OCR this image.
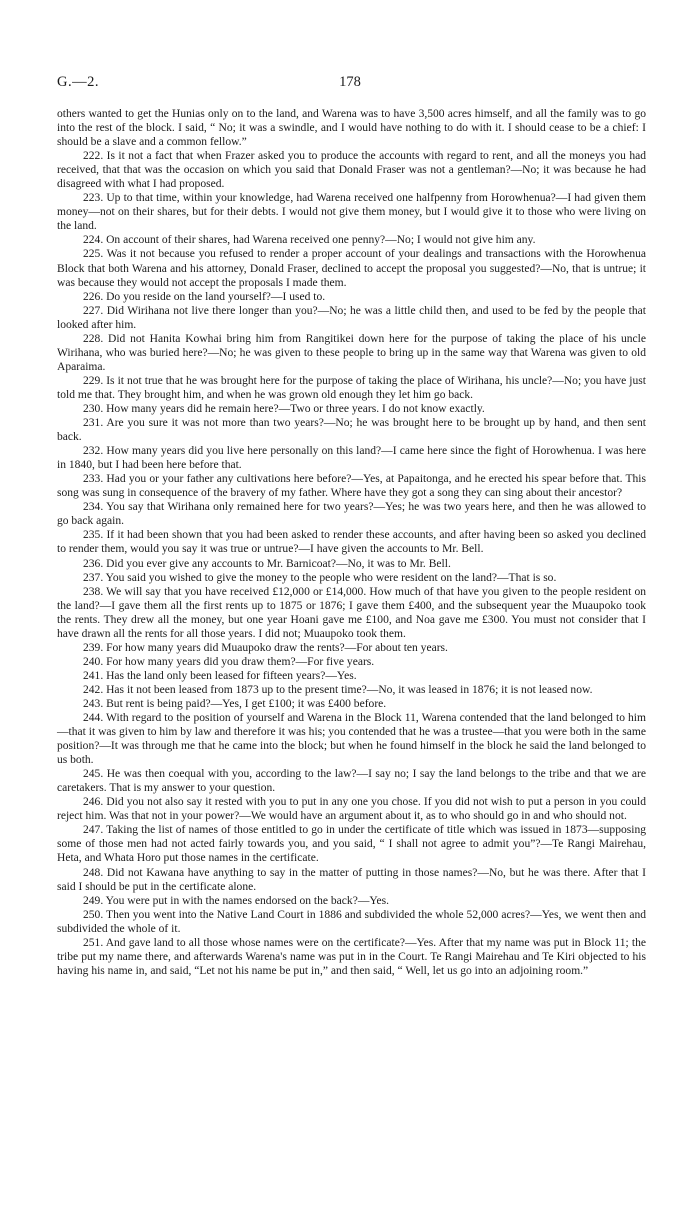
G.—2.	178

others wanted to get the Hunias only on to the land, and Warena was to have 3,500 acres himself, and all the family was to go into the rest of the block. I said, “ No; it was a swindle, and I would have nothing to do with it. I should cease to be a chief: I should be a slave and a common fellow.”

222. Is it not a fact that when Frazer asked you to produce the accounts with regard to rent, and all the moneys you had received, that that was the occasion on which you said that Donald Fraser was not a gentleman?—No; it was because he had disagreed with what I had proposed.

223. Up to that time, within your knowledge, had Warena received one halfpenny from Horowhenua?—I had given them money—not on their shares, but for their debts. I would not give them money, but I would give it to those who were living on the land.

224. On account of their shares, had Warena received one penny?—No; I would not give him any.

225. Was it not because you refused to render a proper account of your dealings and transactions with the Horowhenua Block that both Warena and his attorney, Donald Fraser, declined to accept the proposal you suggested?—No, that is untrue; it was because they would not accept the proposals I made them.

226. Do you reside on the land yourself?—I used to.

227. Did Wirihana not live there longer than you?—No; he was a little child then, and used to be fed by the people that looked after him.

228. Did not Hanita Kowhai bring him from Rangitikei down here for the purpose of taking the place of his uncle Wirihana, who was buried here?—No; he was given to these people to bring up in the same way that Warena was given to old Aparaima.

229. Is it not true that he was brought here for the purpose of taking the place of Wirihana, his uncle?—No; you have just told me that. They brought him, and when he was grown old enough they let him go back.

230. How many years did he remain here?—Two or three years. I do not know exactly.

231. Are you sure it was not more than two years?—No; he was brought here to be brought up by hand, and then sent back.

232. How many years did you live here personally on this land?—I came here since the fight of Horowhenua. I was here in 1840, but I had been here before that.

233. Had you or your father any cultivations here before?—Yes, at Papaitonga, and he erected his spear before that. This song was sung in consequence of the bravery of my father. Where have they got a song they can sing about their ancestor?

234. You say that Wirihana only remained here for two years?—Yes; he was two years here, and then he was allowed to go back again.

235. If it had been shown that you had been asked to render these accounts, and after having been so asked you declined to render them, would you say it was true or untrue?—I have given the accounts to Mr. Bell.

236. Did you ever give any accounts to Mr. Barnicoat?—No, it was to Mr. Bell.

237. You said you wished to give the money to the people who were resident on the land?—That is so.

238. We will say that you have received £12,000 or £14,000. How much of that have you given to the people resident on the land?—I gave them all the first rents up to 1875 or 1876; I gave them £400, and the subsequent year the Muaupoko took the rents. They drew all the money, but one year Hoani gave me £100, and Noa gave me £300. You must not consider that I have drawn all the rents for all those years. I did not; Muaupoko took them.

239. For how many years did Muaupoko draw the rents?—For about ten years.

240. For how many years did you draw them?—For five years.

241. Has the land only been leased for fifteen years?—Yes.

242. Has it not been leased from 1873 up to the present time?—No, it was leased in 1876; it is not leased now.

243. But rent is being paid?—Yes, I get £100; it was £400 before.

244. With regard to the position of yourself and Warena in the Block 11, Warena contended that the land belonged to him—that it was given to him by law and therefore it was his; you contended that he was a trustee—that you were both in the same position?—It was through me that he came into the block; but when he found himself in the block he said the land belonged to us both.

245. He was then coequal with you, according to the law?—I say no; I say the land belongs to the tribe and that we are caretakers. That is my answer to your question.

246. Did you not also say it rested with you to put in any one you chose. If you did not wish to put a person in you could reject him. Was that not in your power?—We would have an argument about it, as to who should go in and who should not.

247. Taking the list of names of those entitled to go in under the certificate of title which was issued in 1873—supposing some of those men had not acted fairly towards you, and you said, “ I shall not agree to admit you”?—Te Rangi Mairehau, Heta, and Whata Horo put those names in the certificate.

248. Did not Kawana have anything to say in the matter of putting in those names?—No, but he was there. After that I said I should be put in the certificate alone.

249. You were put in with the names endorsed on the back?—Yes.

250. Then you went into the Native Land Court in 1886 and subdivided the whole 52,000 acres?—Yes, we went then and subdivided the whole of it.

251. And gave land to all those whose names were on the certificate?—Yes. After that my name was put in Block 11; the tribe put my name there, and afterwards Warena's name was put in in the Court. Te Rangi Mairehau and Te Kiri objected to his having his name in, and said, “Let not his name be put in,” and then said, “ Well, let us go into an adjoining room.”
